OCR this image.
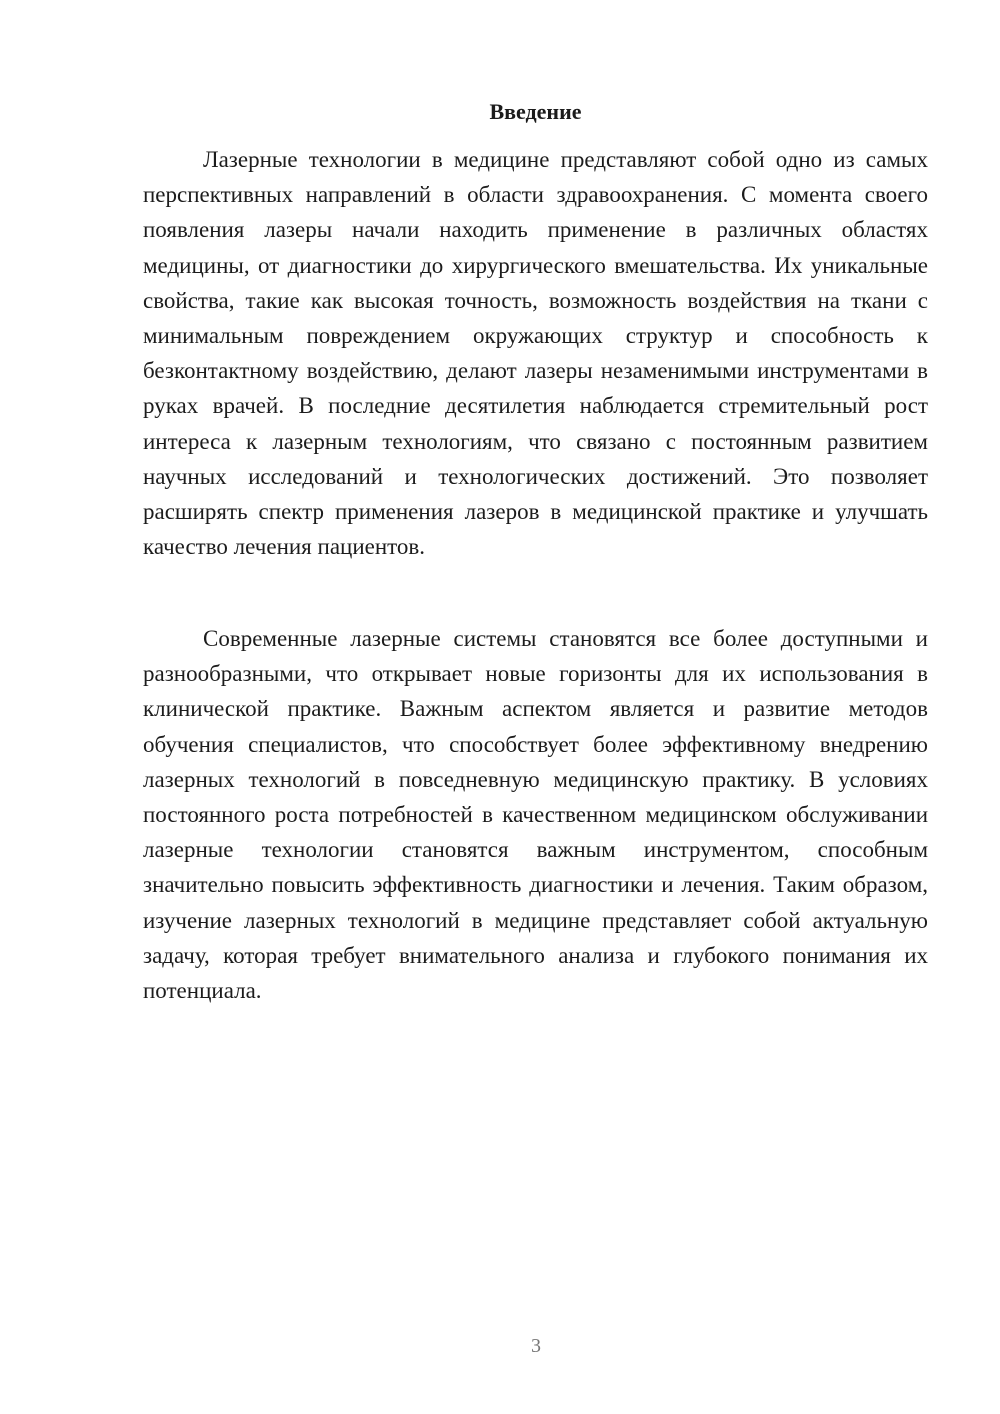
Введение

Лазерные технологии в медицине представляют собой одно из самых перспективных направлений в области здравоохранения. С момента своего появления лазеры начали находить применение в различных областях медицины, от диагностики до хирургического вмешательства. Их уникальные свойства, такие как высокая точность, возможность воздействия на ткани с минимальным повреждением окружающих структур и способность к безконтактному воздействию, делают лазеры незаменимыми инструментами в руках врачей. В последние десятилетия наблюдается стремительный рост интереса к лазерным технологиям, что связано с постоянным развитием научных исследований и технологических достижений. Это позволяет расширять спектр применения лазеров в медицинской практике и улучшать качество лечения пациентов.

Современные лазерные системы становятся все более доступными и разнообразными, что открывает новые горизонты для их использования в клинической практике. Важным аспектом является и развитие методов обучения специалистов, что способствует более эффективному внедрению лазерных технологий в повседневную медицинскую практику. В условиях постоянного роста потребностей в качественном медицинском обслуживании лазерные технологии становятся важным инструментом, способным значительно повысить эффективность диагностики и лечения. Таким образом, изучение лазерных технологий в медицине представляет собой актуальную задачу, которая требует внимательного анализа и глубокого понимания их потенциала.

3
